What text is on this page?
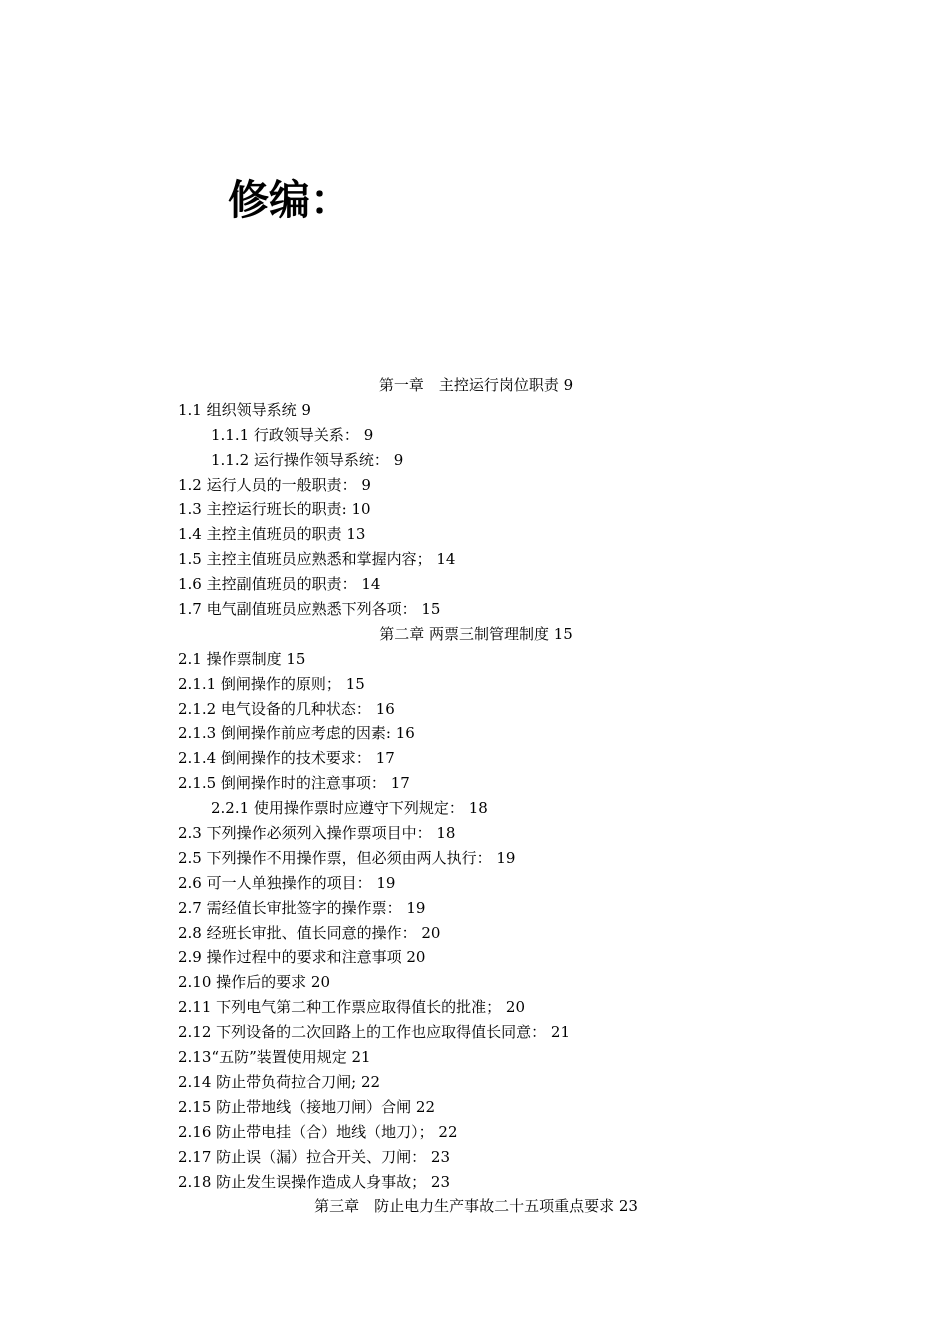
修编：
第一章　主控运行岗位职责 9
1.1 组织领导系统 9
1.1.1 行政领导关系： 9
1.1.2 运行操作领导系统： 9
1.2 运行人员的一般职责： 9
1.3 主控运行班长的职责: 10
1.4 主控主值班员的职责 13
1.5 主控主值班员应熟悉和掌握内容； 14
1.6 主控副值班员的职责： 14
1.7 电气副值班员应熟悉下列各项： 15
第二章 两票三制管理制度 15
2.1 操作票制度 15
2.1.1 倒闸操作的原则； 15
2.1.2 电气设备的几种状态： 16
2.1.3 倒闸操作前应考虑的因素: 16
2.1.4 倒闸操作的技术要求： 17
2.1.5 倒闸操作时的注意事项： 17
2.2.1 使用操作票时应遵守下列规定： 18
2.3 下列操作必须列入操作票项目中： 18
2.5 下列操作不用操作票，但必须由两人执行： 19
2.6 可一人单独操作的项目： 19
2.7 需经值长审批签字的操作票： 19
2.8 经班长审批、值长同意的操作： 20
2.9 操作过程中的要求和注意事项 20
2.10 操作后的要求 20
2.11 下列电气第二种工作票应取得值长的批准； 20
2.12 下列设备的二次回路上的工作也应取得值长同意： 21
2.13“五防”装置使用规定 21
2.14 防止带负荷拉合刀闸; 22
2.15 防止带地线（接地刀闸）合闸 22
2.16 防止带电挂（合）地线（地刀）； 22
2.17 防止误（漏）拉合开关、刀闸： 23
2.18 防止发生误操作造成人身事故； 23
第三章　防止电力生产事故二十五项重点要求 23
